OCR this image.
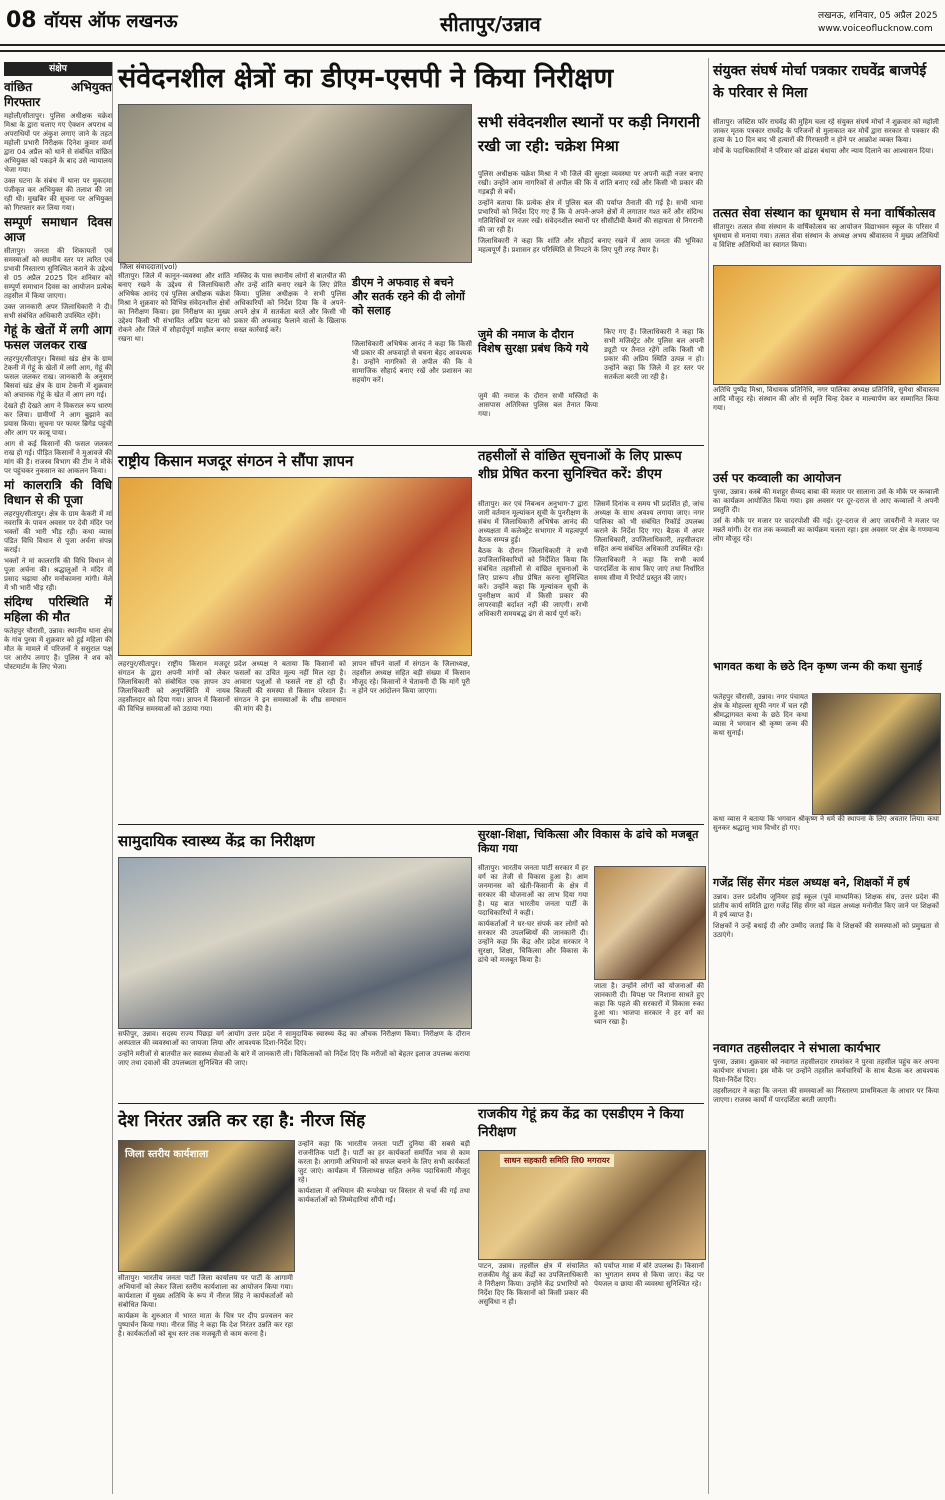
08 वॉयस ऑफ लखनऊ	सीतापुर/उन्नाव	लखनऊ, शनिवार, 05 अप्रैल 2025
www.voiceoflucknow.com
वांछित अभियुक्त गिरफ्तार

महोली/सीतापुर। पुलिस अधीक्षक चक्रेश मिश्रा के द्वारा चलाए गए ऐक्शन अपराध व अपराधियों पर अंकुश लगाए जाने के तहत महोली प्रभारी निरीक्षक दिनेश कुमार वर्मा द्वारा 04 अप्रैल को थाने से संबंधित वांछित अभियुक्त को पकड़ने के बाद उसे न्यायालय भेजा गया।

उक्त घटना के संबंध में थाना पर मुकदमा पंजीकृत कर अभियुक्त की तलाश की जा रही थी। मुखबिर की सूचना पर अभियुक्त को गिरफ्तार कर लिया गया।

सम्पूर्ण समाधान दिवस आज

सीतापुर। जनता की शिकायतों एवं समस्याओं को स्थानीय स्तर पर त्वरित एवं प्रभावी निस्तारण सुनिश्चित कराने के उद्देश्य से 05 अप्रैल 2025 दिन शनिवार को सम्पूर्ण समाधान दिवस का आयोजन प्रत्येक तहसील में किया जाएगा।

उक्त जानकारी अपर जिलाधिकारी ने दी। सभी संबंधित अधिकारी उपस्थित रहेंगे।

गेहूं के खेतों में लगी आग फसल जलकर राख

लहरपुर/सीतापुर। बिसवां खंड क्षेत्र के ग्राम टेकनी में गेहूं के खेतों में लगी आग, गेहूं की फसल जलकर राख। जानकारी के अनुसार बिसवां खंड क्षेत्र के ग्राम टेकनी में शुक्रवार को अचानक गेहूं के खेत में आग लग गई।

देखते ही देखते आग ने विकराल रूप धारण कर लिया। ग्रामीणों ने आग बुझाने का प्रयास किया। सूचना पर फायर ब्रिगेड पहुंची और आग पर काबू पाया।

आग से कई किसानों की फसल जलकर राख हो गई। पीड़ित किसानों ने मुआवजे की मांग की है। राजस्व विभाग की टीम ने मौके पर पहुंचकर नुकसान का आकलन किया।

मां कालरात्रि की विधि विधान से की पूजा

लहरपुर/सीतापुर। क्षेत्र के ग्राम केकरी में मां नवरात्रि के पावन अवसर पर देवी मंदिर पर भक्तों की भारी भीड़ रही। कथा व्यास पंडित विधि विधान से पूजा अर्चना संपन्न कराई।

भक्तों ने मां कालरात्रि की विधि विधान से पूजा अर्चना की। श्रद्धालुओं ने मंदिर में प्रसाद चढ़ाया और मनोकामना मांगी। मेले में भी भारी भीड़ रही।

संदिग्ध परिस्थिति में महिला की मौत

फतेहपुर चौरासी, उन्नाव। स्थानीय थाना क्षेत्र के गांव पुरवा में शुक्रवार को हुई महिला की मौत के मामले में परिजनों ने ससुराल पक्ष पर आरोप लगाए हैं। पुलिस ने शव को पोस्टमार्टम के लिए भेजा।

संक्षेप	संवेदनशील क्षेत्रों का डीएम-एसपी ने किया निरीक्षण
जिला संवाददाता(vol)
सभी संवेदनशील स्थानों पर कड़ी निगरानी रखी जा रही: चक्रेश मिश्रा

पुलिस अधीक्षक चक्रेश मिश्रा ने भी जिले की सुरक्षा व्यवस्था पर अपनी कड़ी नजर बनाए रखी। उन्होंने आम नागरिकों से अपील की कि वे शांति बनाए रखें और किसी भी प्रकार की गड़बड़ी से बचें।

उन्होंने बताया कि प्रत्येक क्षेत्र में पुलिस बल की पर्याप्त तैनाती की गई है। सभी थाना प्रभारियों को निर्देश दिए गए हैं कि वे अपने-अपने क्षेत्रों में लगातार गश्त करें और संदिग्ध गतिविधियों पर नजर रखें। संवेदनशील स्थानों पर सीसीटीवी कैमरों की सहायता से निगरानी की जा रही है।

जिलाधिकारी ने कहा कि शांति और सौहार्द बनाए रखने में आम जनता की भूमिका महत्वपूर्ण है। प्रशासन हर परिस्थिति से निपटने के लिए पूरी तरह तैयार है।

सीतापुर। जिले में कानून-व्यवस्था और शांति बनाए रखने के उद्देश्य से जिलाधिकारी अभिषेक आनंद एवं पुलिस अधीक्षक चक्रेश मिश्रा ने शुक्रवार को विभिन्न संवेदनशील क्षेत्रों का निरीक्षण किया। इस निरीक्षण का मुख्य उद्देश्य किसी भी संभावित अप्रिय घटना को रोकने और जिले में सौहार्दपूर्ण माहौल बनाए रखना था।

मस्जिद के पास स्थानीय लोगों से बातचीत की और उन्हें शांति बनाए रखने के लिए प्रेरित किया। पुलिस अधीक्षक ने सभी पुलिस अधिकारियों को निर्देश दिया कि वे अपने-अपने क्षेत्र में सतर्कता बरतें और किसी भी प्रकार की अफवाह फैलाने वालों के खिलाफ सख्त कार्रवाई करें।

डीएम ने अफवाह से बचने और सतर्क रहने की दी लोगों को सलाह

जिलाधिकारी अभिषेक आनंद ने कहा कि किसी भी प्रकार की अफवाहों से बचना बेहद आवश्यक है। उन्होंने नागरिकों से अपील की कि वे सामाजिक सौहार्द बनाए रखें और प्रशासन का सहयोग करें।

जुमे की नमाज के दौरान विशेष सुरक्षा प्रबंध किये गये

जुमे की नमाज के दौरान सभी मस्जिदों के आसपास अतिरिक्त पुलिस बल तैनात किया गया।

किए गए हैं। जिलाधिकारी ने कहा कि सभी मजिस्ट्रेट और पुलिस बल अपनी ड्यूटी पर तैनात रहेंगे ताकि किसी भी प्रकार की अप्रिय स्थिति उत्पन्न न हो। उन्होंने कहा कि जिले में हर स्तर पर सतर्कता बरती जा रही है।

राष्ट्रीय किसान मजदूर संगठन ने सौंपा ज्ञापन

लहरपुर/सीतापुर। राष्ट्रीय किसान मजदूर संगठन के द्वारा अपनी मांगों को लेकर जिलाधिकारी को संबोधित एक ज्ञापन उप जिलाधिकारी को अनुपस्थिति में नायब तहसीलदार को दिया गया। ज्ञापन में किसानों की विभिन्न समस्याओं को उठाया गया।

प्रदेश अध्यक्ष ने बताया कि किसानों को फसलों का उचित मूल्य नहीं मिल रहा है। आवारा पशुओं से फसलें नष्ट हो रही हैं। बिजली की समस्या से किसान परेशान हैं। संगठन ने इन समस्याओं के शीघ्र समाधान की मांग की है।

ज्ञापन सौंपने वालों में संगठन के जिलाध्यक्ष, तहसील अध्यक्ष सहित बड़ी संख्या में किसान मौजूद रहे। किसानों ने चेतावनी दी कि मांगें पूरी न होने पर आंदोलन किया जाएगा।

तहसीलों से वांछित सूचनाओं के लिए प्रारूप शीघ्र प्रेषित करना सुनिश्चित करें: डीएम

सीतापुर। कर एवं निबन्धन अनुभाग-7 द्वारा जारी वर्तमान मूल्यांकन सूची के पुनरीक्षण के संबंध में जिलाधिकारी अभिषेक आनंद की अध्यक्षता में कलेक्ट्रेट सभागार में महत्वपूर्ण बैठक सम्पन्न हुई।

बैठक के दौरान जिलाधिकारी ने सभी उपजिलाधिकारियों को निर्देशित किया कि संबंधित तहसीलों से वांछित सूचनाओं के लिए प्रारूप शीघ्र प्रेषित करना सुनिश्चित करें। उन्होंने कहा कि मूल्यांकन सूची के पुनरीक्षण कार्य में किसी प्रकार की लापरवाही बर्दाश्त नहीं की जाएगी। सभी अधिकारी समयबद्ध ढंग से कार्य पूर्ण करें।

जिसमें दिनांक व समय भी प्रदर्शित हो, जांच अध्यक्ष के साथ अवश्य लगाया जाए। नगर पालिका को भी संबंधित रिकॉर्ड उपलब्ध कराने के निर्देश दिए गए। बैठक में अपर जिलाधिकारी, उपजिलाधिकारी, तहसीलदार सहित अन्य संबंधित अधिकारी उपस्थित रहे।

जिलाधिकारी ने कहा कि सभी कार्य पारदर्शिता के साथ किए जाएं तथा निर्धारित समय सीमा में रिपोर्ट प्रस्तुत की जाए।

सामुदायिक स्वास्थ्य केंद्र का निरीक्षण

सफीपुर, उन्नाव। सदस्य राज्य पिछड़ा वर्ग आयोग उत्तर प्रदेश ने सामुदायिक स्वास्थ्य केंद्र का औचक निरीक्षण किया। निरीक्षण के दौरान अस्पताल की व्यवस्थाओं का जायजा लिया और आवश्यक दिशा-निर्देश दिए।

उन्होंने मरीजों से बातचीत कर स्वास्थ्य सेवाओं के बारे में जानकारी ली। चिकित्सकों को निर्देश दिए कि मरीजों को बेहतर इलाज उपलब्ध कराया जाए तथा दवाओं की उपलब्धता सुनिश्चित की जाए।

सुरक्षा-शिक्षा, चिकित्सा और विकास के ढांचे को मजबूत किया गया

सीतापुर। भारतीय जनता पार्टी सरकार में हर वर्ग का तेजी से विकास हुआ है। आम जनमानस को खेती-किसानी के क्षेत्र में सरकार की योजनाओं का लाभ दिया गया है। यह बात भारतीय जनता पार्टी के पदाधिकारियों ने कही।

कार्यकर्ताओं ने घर-घर संपर्क कर लोगों को सरकार की उपलब्धियों की जानकारी दी। उन्होंने कहा कि केंद्र और प्रदेश सरकार ने सुरक्षा, शिक्षा, चिकित्सा और विकास के ढांचे को मजबूत किया है।

जाता है। उन्होंने लोगों को योजनाओं की जानकारी दी। विपक्ष पर निशाना साधते हुए कहा कि पहले की सरकारों में विकास रुका हुआ था। भाजपा सरकार ने हर वर्ग का ध्यान रखा है।

देश निरंतर उन्नति कर रहा है: नीरज सिंह
जिला स्तरीय कार्यशाला

सीतापुर। भारतीय जनता पार्टी जिला कार्यालय पर पार्टी के आगामी अभियानों को लेकर जिला स्तरीय कार्यशाला का आयोजन किया गया। कार्यशाला में मुख्य अतिथि के रूप में नीरज सिंह ने कार्यकर्ताओं को संबोधित किया।

कार्यक्रम के शुरुआत में भारत माता के चित्र पर दीप प्रज्वलन कर पुष्पार्चन किया गया। नीरज सिंह ने कहा कि देश निरंतर उन्नति कर रहा है। कार्यकर्ताओं को बूथ स्तर तक मजबूती से काम करना है।

उन्होंने कहा कि भारतीय जनता पार्टी दुनिया की सबसे बड़ी राजनीतिक पार्टी है। पार्टी का हर कार्यकर्ता समर्पित भाव से काम करता है। आगामी अभियानों को सफल बनाने के लिए सभी कार्यकर्ता जुट जाएं। कार्यक्रम में जिलाध्यक्ष सहित अनेक पदाधिकारी मौजूद रहे।

कार्यशाला में अभियान की रूपरेखा पर विस्तार से चर्चा की गई तथा कार्यकर्ताओं को जिम्मेदारियां सौंपी गईं।

राजकीय गेहूं क्रय केंद्र का एसडीएम ने किया निरीक्षण
साधन सहकारी समिति लि0 मगरायर

पाटन, उन्नाव। तहसील क्षेत्र में संचालित राजकीय गेहूं क्रय केंद्रों का उपजिलाधिकारी ने निरीक्षण किया। उन्होंने केंद्र प्रभारियों को निर्देश दिए कि किसानों को किसी प्रकार की असुविधा न हो।

को पर्याप्त मात्रा में बोरे उपलब्ध हैं। किसानों का भुगतान समय से किया जाए। केंद्र पर पेयजल व छाया की व्यवस्था सुनिश्चित रहे।

संयुक्त संघर्ष मोर्चा पत्रकार राघवेंद्र बाजपेई के परिवार से मिला

सीतापुर। जस्टिस फॉर राघवेंद्र की मुहिम चला रहे संयुक्त संघर्ष मोर्चा ने शुक्रवार को महोली जाकर मृतक पत्रकार राघवेंद्र के परिजनों से मुलाकात कर मोर्चे द्वारा सरकार से पत्रकार की हत्या के 10 दिन बाद भी हत्यारों की गिरफ्तारी न होने पर आक्रोश व्यक्त किया।

मोर्चे के पदाधिकारियों ने परिवार को ढांढस बंधाया और न्याय दिलाने का आश्वासन दिया।

तत्सत सेवा संस्थान का धूमधाम से मना वार्षिकोत्सव

सीतापुर। तत्सत सेवा संस्थान के वार्षिकोत्सव का आयोजन विद्याभवन स्कूल के परिसर में धूमधाम से मनाया गया। तत्सत सेवा संस्थान के अध्यक्ष अभय श्रीवास्तव ने मुख्य अतिथियों व विशिष्ट अतिथियों का स्वागत किया।

अतिथि पुष्पेंद्र मिश्रा, विधायक प्रतिनिधि, नगर पालिका अध्यक्ष प्रतिनिधि, सुमेधा श्रीवास्तव आदि मौजूद रहे। संस्थान की ओर से स्मृति चिन्ह देकर व माल्यार्पण कर सम्मानित किया गया।

उर्स पर कव्वाली का आयोजन

पुरवा, उन्नाव। कस्बे की मशहूर सैय्यद बाबा की मजार पर सालाना उर्स के मौके पर कव्वाली का कार्यक्रम आयोजित किया गया। इस अवसर पर दूर-दराज से आए कव्वालों ने अपनी प्रस्तुति दी।

उर्स के मौके पर मजार पर चादरपोशी की गई। दूर-दराज से आए जायरीनों ने मजार पर मन्नतें मांगीं। देर रात तक कव्वाली का कार्यक्रम चलता रहा। इस अवसर पर क्षेत्र के गणमान्य लोग मौजूद रहे।

भागवत कथा के छठे दिन कृष्ण जन्म की कथा सुनाई

फतेहपुर चौरासी, उन्नाव। नगर पंचायत क्षेत्र के मोहल्ला सूफी नगर में चल रही श्रीमद्भागवत कथा के छठे दिन कथा व्यास ने भगवान श्री कृष्ण जन्म की कथा सुनाई।

कथा व्यास ने बताया कि भगवान श्रीकृष्ण ने धर्म की स्थापना के लिए अवतार लिया। कथा सुनकर श्रद्धालु भाव विभोर हो गए।

गजेंद्र सिंह सेंगर मंडल अध्यक्ष बने, शिक्षकों में हर्ष

उन्नाव। उत्तर प्रदेशीय जूनियर हाई स्कूल (पूर्व माध्यमिक) शिक्षक संघ, उत्तर प्रदेश की प्रांतीय कार्य समिति द्वारा गजेंद्र सिंह सेंगर को मंडल अध्यक्ष मनोनीत किए जाने पर शिक्षकों में हर्ष व्याप्त है।

शिक्षकों ने उन्हें बधाई दी और उम्मीद जताई कि वे शिक्षकों की समस्याओं को प्रमुखता से उठाएंगे।

नवागत तहसीलदार ने संभाला कार्यभार

पुरवा, उन्नाव। शुक्रवार को नवागत तहसीलदार रामशंकर ने पुरवा तहसील पहुंच कर अपना कार्यभार संभाला। इस मौके पर उन्होंने तहसील कर्मचारियों के साथ बैठक कर आवश्यक दिशा-निर्देश दिए।

तहसीलदार ने कहा कि जनता की समस्याओं का निस्तारण प्राथमिकता के आधार पर किया जाएगा। राजस्व कार्यों में पारदर्शिता बरती जाएगी।
